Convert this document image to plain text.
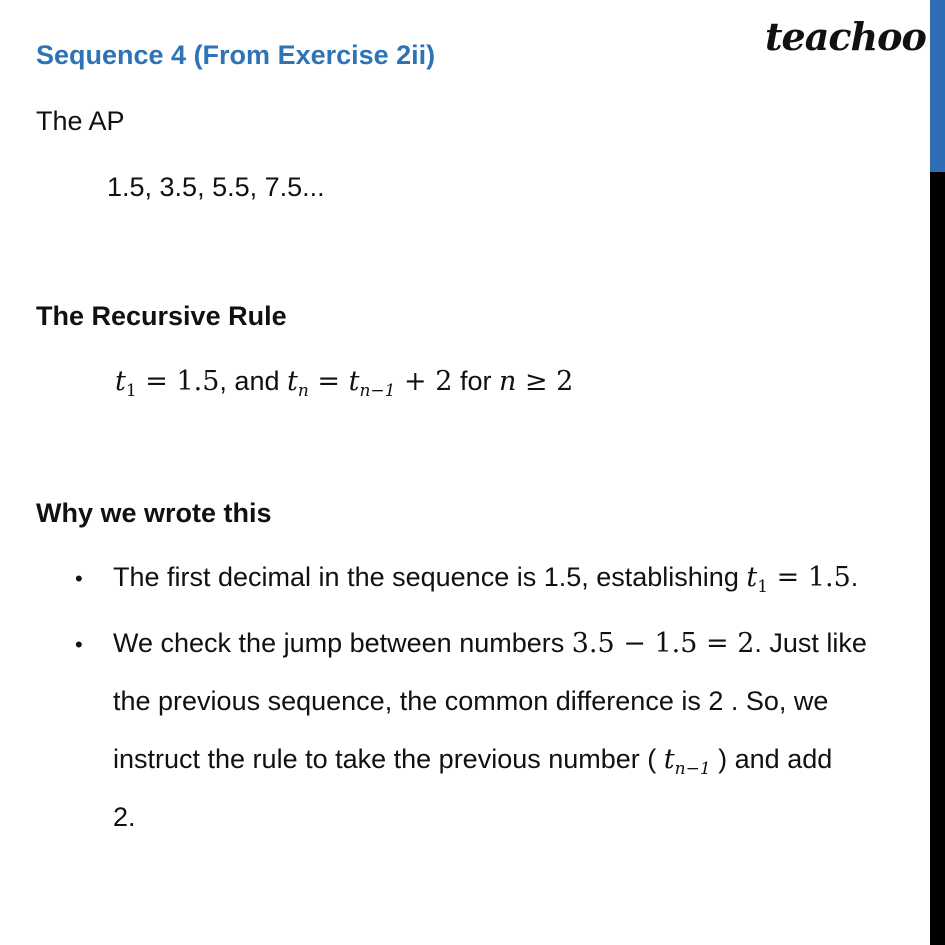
teachoo
Sequence 4 (From Exercise 2ii)
The AP
1.5, 3.5, 5.5, 7.5...
The Recursive Rule
$t_1 = 1.5$, and $t_n = t_{n-1} + 2$ for n ≥ 2
Why we wrote this
• The first decimal in the sequence is 1.5, establishing $t_1 = 1.5$.
• We check the jump between numbers 3.5 − 1.5 = 2. Just like
the previous sequence, the common difference is 2 . So, we
instruct the rule to take the previous number ( $t_{n-1}$ ) and add
2.
